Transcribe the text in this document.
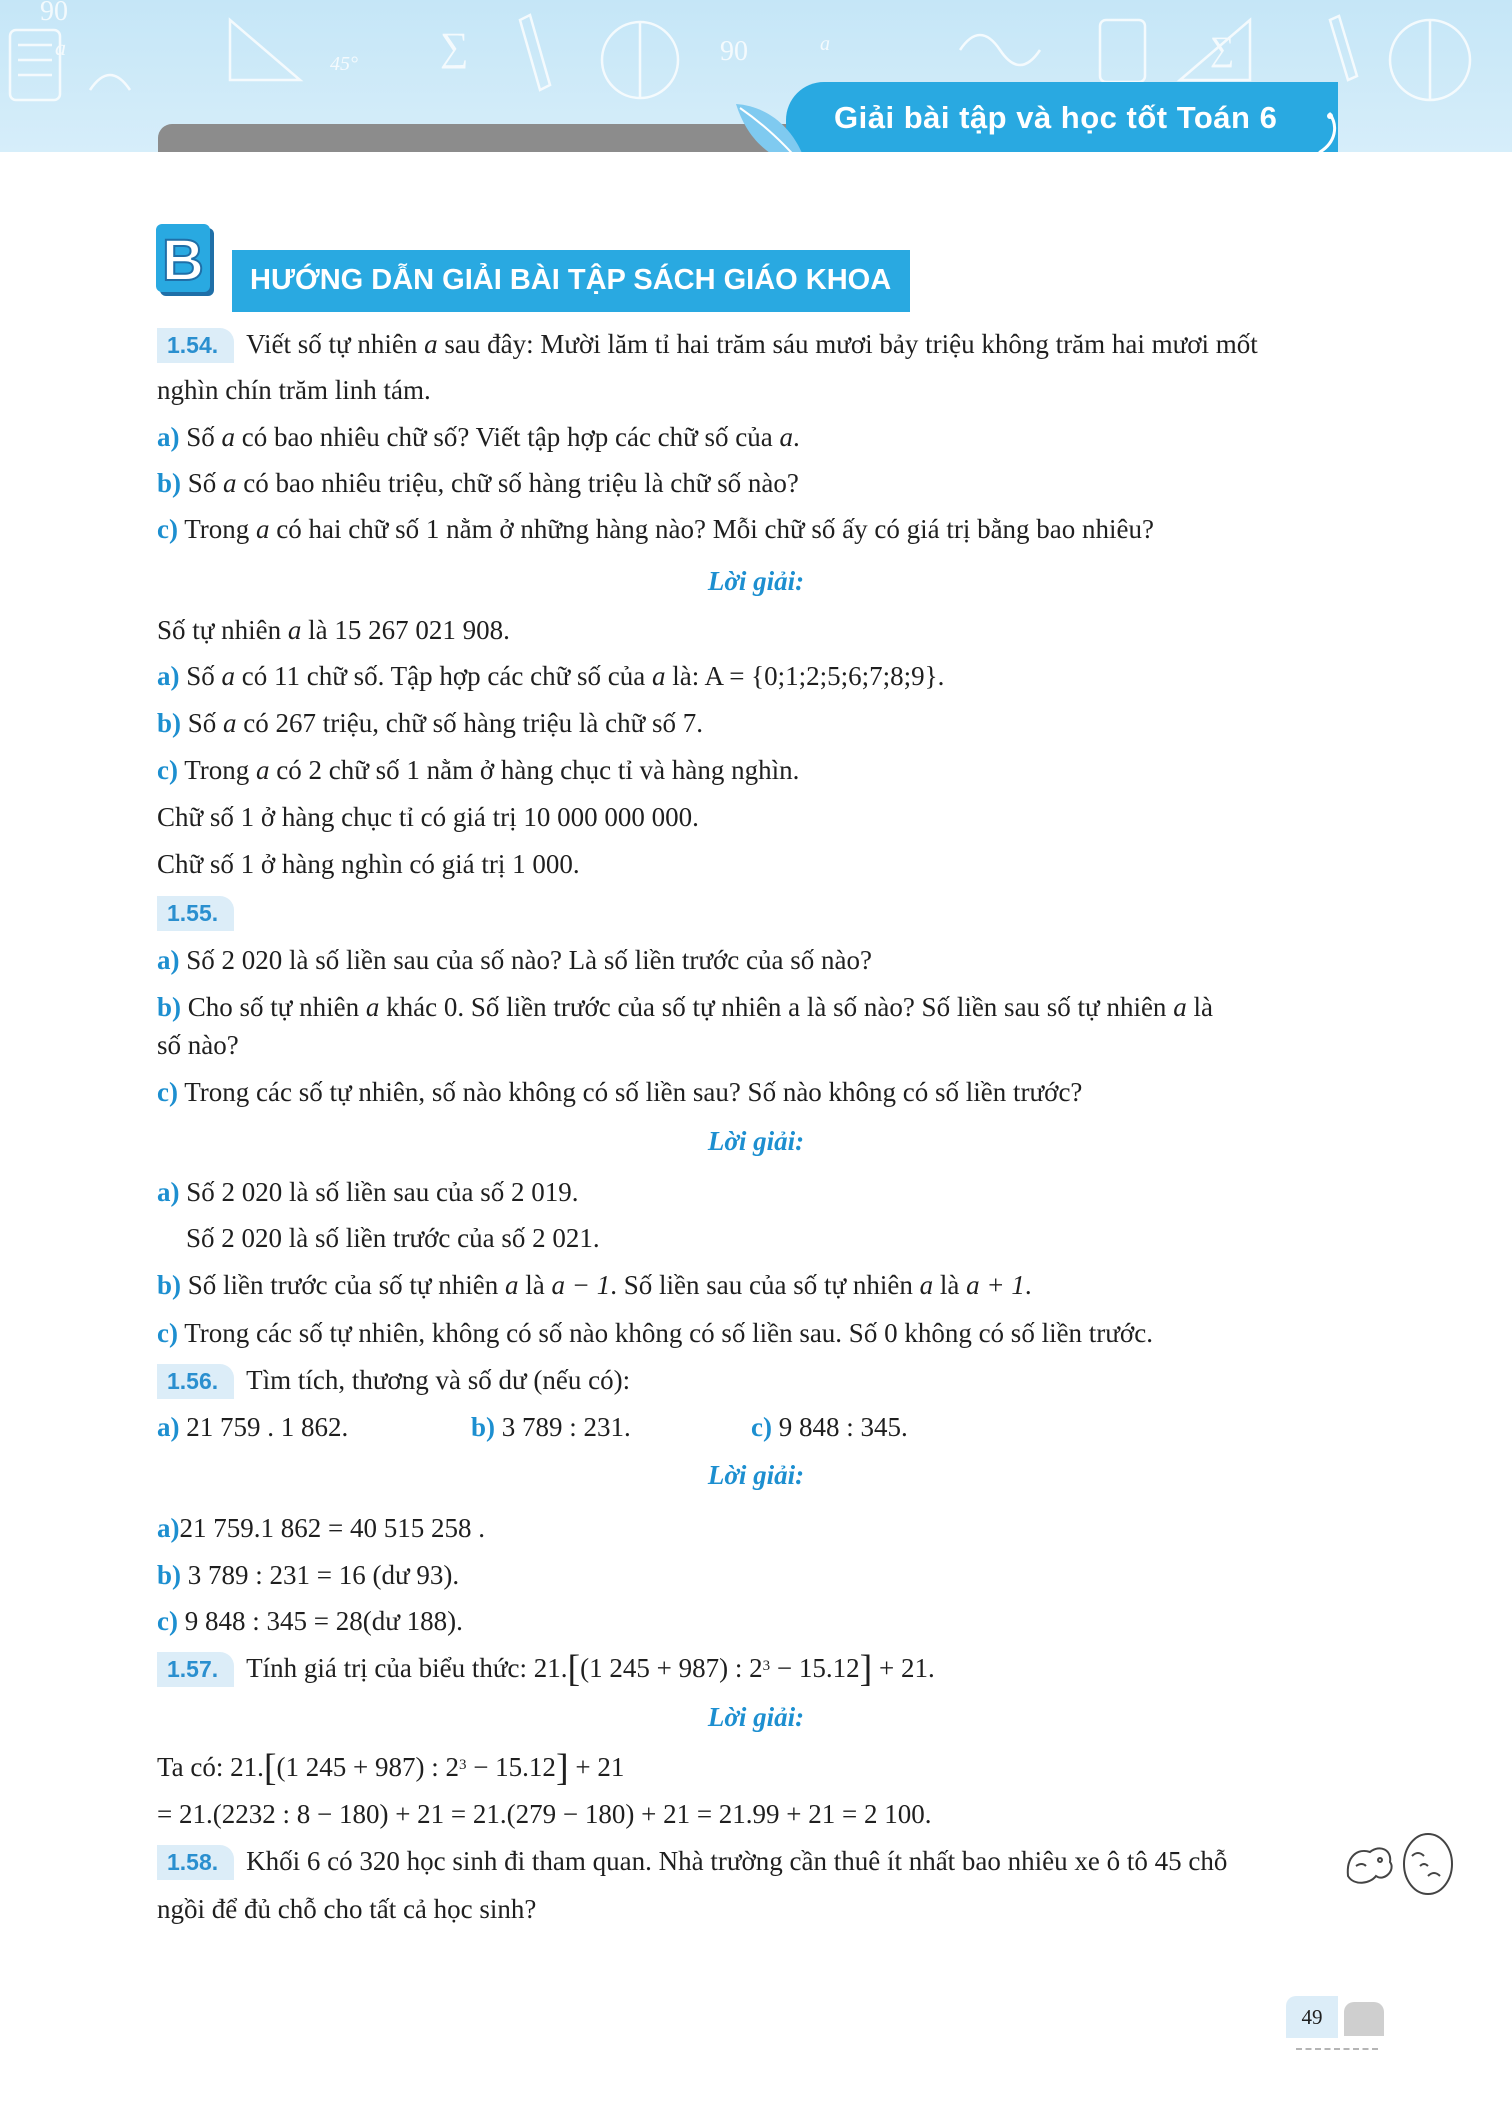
a	∑	90
90
∑
45°
a
Giải bài tập và học tốt Toán 6
B HƯỚNG DẪN GIẢI BÀI TẬP SÁCH GIÁO KHOA
1.54. Viết số tự nhiên a sau đây: Mười lăm tỉ hai trăm sáu mươi bảy triệu không trăm hai mươi mốt
nghìn chín trăm linh tám.
a) Số a có bao nhiêu chữ số? Viết tập hợp các chữ số của a.
b) Số a có bao nhiêu triệu, chữ số hàng triệu là chữ số nào?
c) Trong a có hai chữ số 1 nằm ở những hàng nào? Mỗi chữ số ấy có giá trị bằng bao nhiêu?
Lời giải:
Số tự nhiên a là 15 267 021 908.
a) Số a có 11 chữ số. Tập hợp các chữ số của a là: A = {0;1;2;5;6;7;8;9}.
b) Số a có 267 triệu, chữ số hàng triệu là chữ số 7.
c) Trong a có 2 chữ số 1 nằm ở hàng chục tỉ và hàng nghìn.
Chữ số 1 ở hàng chục tỉ có giá trị 10 000 000 000.
Chữ số 1 ở hàng nghìn có giá trị 1 000.
1.55.
a) Số 2 020 là số liền sau của số nào? Là số liền trước của số nào?
b) Cho số tự nhiên a khác 0. Số liền trước của số tự nhiên a là số nào? Số liền sau số tự nhiên a là
số nào?
c) Trong các số tự nhiên, số nào không có số liền sau? Số nào không có số liền trước?
Lời giải:
a) Số 2 020 là số liền sau của số 2 019.
Số 2 020 là số liền trước của số 2 021.
b) Số liền trước của số tự nhiên a là a − 1. Số liền sau của số tự nhiên a là a + 1.
c) Trong các số tự nhiên, không có số nào không có số liền sau. Số 0 không có số liền trước.
1.56. Tìm tích, thương và số dư (nếu có):
a) 21 759 . 1 862.	b) 3 789 : 231.	c) 9 848 : 345.
Lời giải:
a)21 759.1 862 = 40 515 258 .
b) 3 789 : 231 = 16 (dư 93).
c) 9 848 : 345 = 28(dư 188).
1.57. Tính giá trị của biểu thức: 21.[(1 245 + 987) : $2^3 - 15.12] + 21$.
Lời giải:
Ta có: 21.[(1 245 + 987) : $2^3 - 15.12] + 21$
= 21.(2232 : 8 − 180) + 21 = 21.(279 − 180) + 21 = 21.99 + 21 = 2 100.
1.58. Khối 6 có 320 học sinh đi tham quan. Nhà trường cần thuê ít nhất bao nhiêu xe ô tô 45 chỗ
ngồi để đủ chỗ cho tất cả học sinh?
49
